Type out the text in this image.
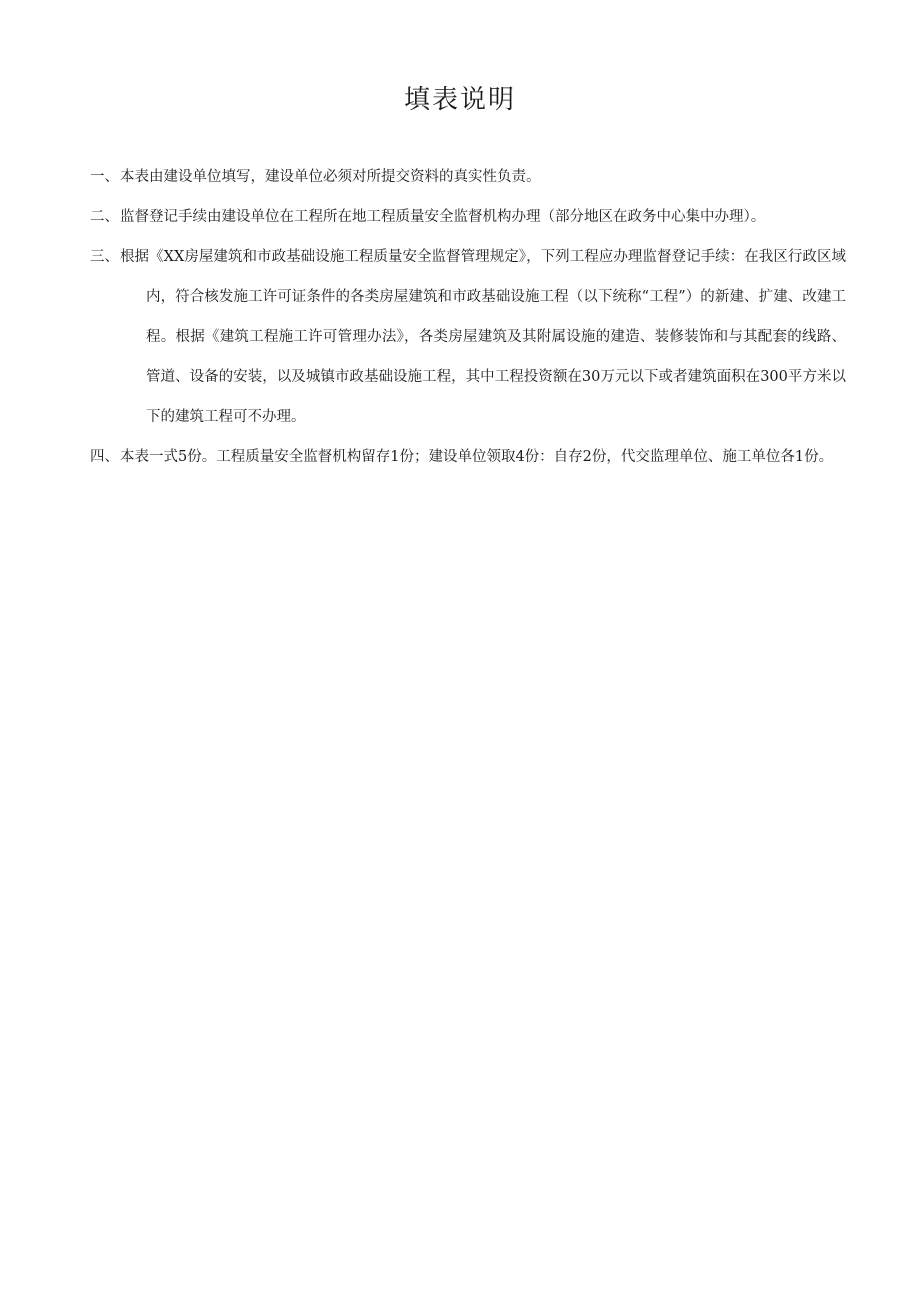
填表说明
一、 本表由建设单位填写，建设单位必须对所提交资料的真实性负责。
二、 监督登记手续由建设单位在工程所在地工程质量安全监督机构办理（部分地区在政务中心集中办理）。
三、 根据《XX房屋建筑和市政基础设施工程质量安全监督管理规定》，下列工程应办理监督登记手续：在我区行政区域内，符合核发施工许可证条件的各类房屋建筑和市政基础设施工程（以下统称“工程”）的新建、扩建、改建工程。根据《建筑工程施工许可管理办法》，各类房屋建筑及其附属设施的建造、装修装饰和与其配套的线路、管道、设备的安装，以及城镇市政基础设施工程，其中工程投资额在30万元以下或者建筑面积在300平方米以下的建筑工程可不办理。
四、 本表一式5份。工程质量安全监督机构留存1份；建设单位领取4份：自存2份，代交监理单位、施工单位各1份。
